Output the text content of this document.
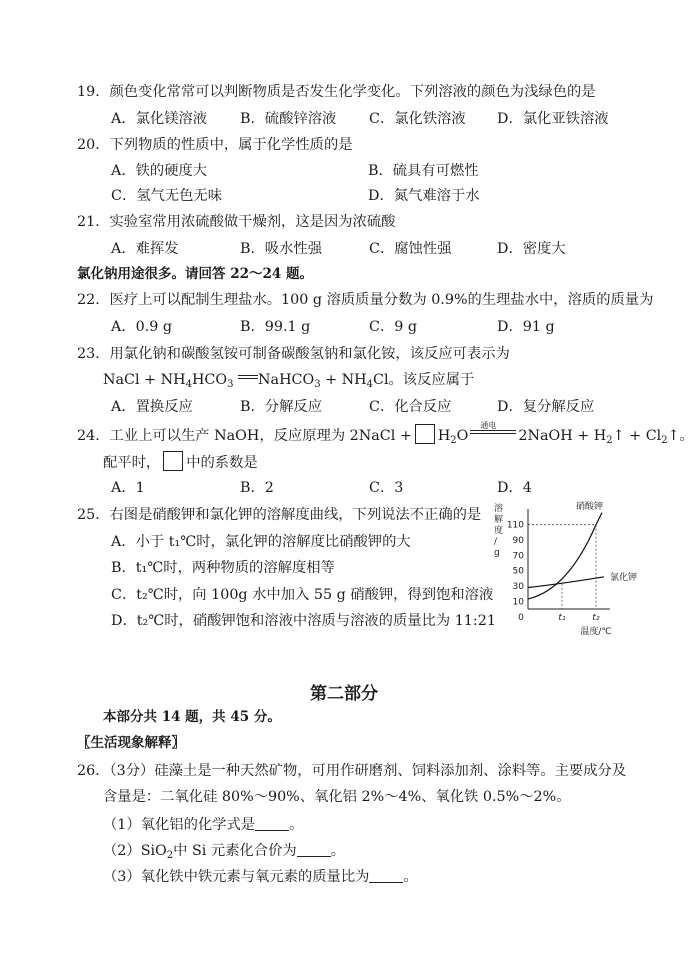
19．颜色变化常常可以判断物质是否发生化学变化。下列溶液的颜色为浅绿色的是
A．氯化镁溶液 B．硫酸锌溶液 C．氯化铁溶液 D．氯化亚铁溶液
20．下列物质的性质中，属于化学性质的是
A．铁的硬度大	B．硫具有可燃性
C．氢气无色无味	D．氮气难溶于水
21．实验室常用浓硫酸做干燥剂，这是因为浓硫酸
A．难挥发	B．吸水性强	C．腐蚀性强	D．密度大
氯化钠用途很多。请回答 22～24 题。
22．医疗上可以配制生理盐水。100 g 溶质质量分数为 0.9%的生理盐水中，溶质的质量为
A．0.9 g	B．99.1 g	C．9 g	D．91 g
23．用氯化钠和碳酸氢铵可制备碳酸氢钠和氯化铵，该反应可表示为
NaCl + $NH_4HCO_3$ NaHCO$_3$ + $NH_4Cl$。该反应属于
A．置换反应	B．分解反应	C．化合反应	D．复分解反应
24．工业上可以生产 NaOH，反应原理为 2NaCl + $H_2O$
通电
2NaOH + $H_2↑$ + $Cl_2↑$。
配平时， 中的系数是
A．1	B．2	C．3	D．4
25．右图是硝酸钾和氯化钾的溶解度曲线，下列说法不正确的是
A．小于 t₁℃时，氯化钾的溶解度比硝酸钾的大
B．t₁℃时，两种物质的溶解度相等
C．t₂℃时，向 100g 水中加入 55 g 硝酸钾，得到饱和溶液
D．t₂℃时，硝酸钾饱和溶液中溶质与溶液的质量比为 11:21
溶
解
度
/
g
10
30
50
70
90
110
0	t₁	t₂
温度/℃
硝酸钾
氯化钾
第二部分
本部分共 14 题，共 45 分。
〖生活现象解释〗
26．（3分）硅藻土是一种天然矿物，可用作研磨剂、饲料添加剂、涂料等。主要成分及
含量是：二氧化硅 80%～90%、氧化铝 2%～4%、氧化铁 0.5%～2%。
（1）氧化铝的化学式是 。
（2）SiO$_2$中 Si 元素化合价为 。
（3）氧化铁中铁元素与氧元素的质量比为 。
